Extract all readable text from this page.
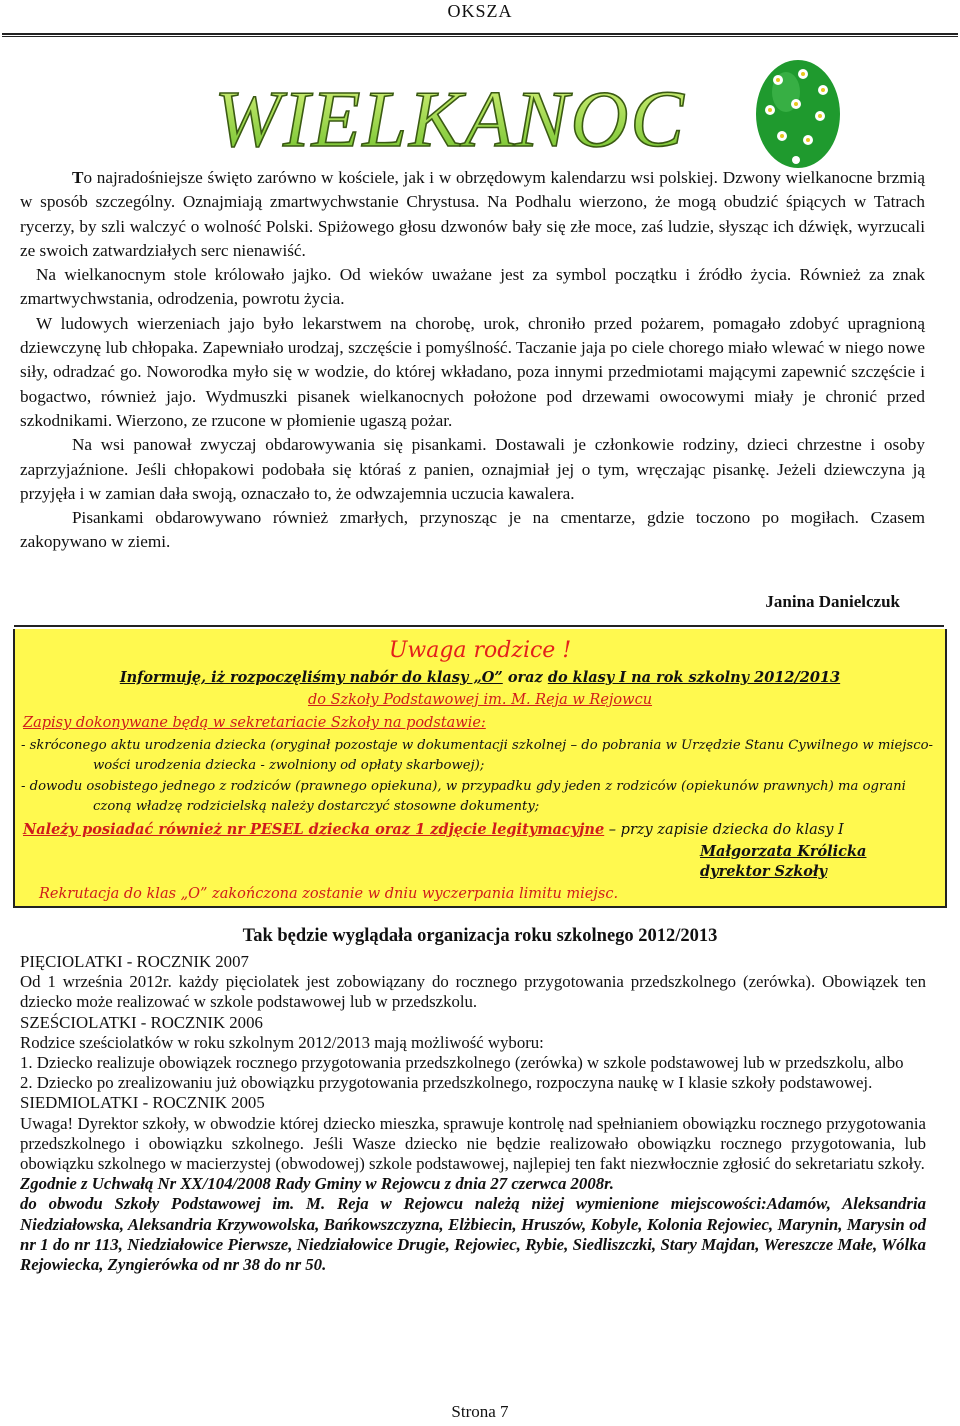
OKSZA
WIELKANOC

To najradośniejsze święto zarówno w kościele, jak i w obrzędowym kalendarzu wsi polskiej. Dzwony wielkanocne brzmią w sposób szczególny. Oznajmiają zmartwychwstanie Chrystusa. Na Podhalu wierzono, że mogą obudzić śpiących w Tatrach rycerzy, by szli walczyć o wolność Polski. Spiżowego głosu dzwonów bały się złe moce, zaś ludzie, słysząc ich dźwięk, wyrzucali ze swoich zatwardziałych serc nienawiść.

Na wielkanocnym stole królowało jajko. Od wieków uważane jest za symbol początku i źródło życia. Również za znak zmartwychwstania, odrodzenia, powrotu życia.

W ludowych wierzeniach jajo było lekarstwem na chorobę, urok, chroniło przed pożarem, pomagało zdobyć upragnioną dziewczynę lub chłopaka. Zapewniało urodzaj, szczęście i pomyślność. Taczanie jaja po ciele chorego miało wlewać w niego nowe siły, odradzać go. Noworodka myło się w wodzie, do której wkładano, poza innymi przedmiotami mającymi zapewnić szczęście i bogactwo, również jajo. Wydmuszki pisanek wielkanocnych położone pod drzewami owocowymi miały je chronić przed szkodnikami. Wierzono, ze rzucone w płomienie ugaszą pożar.

Na wsi panował zwyczaj obdarowywania się pisankami. Dostawali je członkowie rodziny, dzieci chrzestne i osoby zaprzyjaźnione. Jeśli chłopakowi podobała się któraś z panien, oznajmiał jej o tym, wręczając pisankę. Jeżeli dziewczyna ją przyjęła i w zamian dała swoją, oznaczało to, że odwzajemnia uczucia kawalera.

Pisankami obdarowywano również zmarłych, przynosząc je na cmentarze, gdzie toczono po mogiłach. Czasem zakopywano w ziemi.

Janina Danielczuk
Uwaga rodzice !
Informuję, iż rozpoczęliśmy nabór do klasy „O” oraz do klasy I na rok szkolny 2012/2013
do Szkoły Podstawowej im. M. Reja w Rejowcu
Zapisy dokonywane będą w sekretariacie Szkoły na podstawie:
- skróconego aktu urodzenia dziecka (oryginał pozostaje w dokumentacji szkolnej – do pobrania w Urzędzie Stanu Cywilnego w miejsco-
wości urodzenia dziecka - zwolniony od opłaty skarbowej);
- dowodu osobistego jednego z rodziców (prawnego opiekuna), w przypadku gdy jeden z rodziców (opiekunów prawnych) ma ograni
czoną władzę rodzicielską należy dostarczyć stosowne dokumenty;
Należy posiadać również nr PESEL dziecka oraz 1 zdjęcie legitymacyjne – przy zapisie dziecka do klasy I
Małgorzata Królicka
dyrektor Szkoły
Rekrutacja do klas „O” zakończona zostanie w dniu wyczerpania limitu miejsc.
Tak będzie wyglądała organizacja roku szkolnego 2012/2013

PIĘCIOLATKI - ROCZNIK 2007

Od 1 września 2012r. każdy pięciolatek jest zobowiązany do rocznego przygotowania przedszkolnego (zerówka). Obowiązek ten dziecko może realizować w szkole podstawowej lub w przedszkolu.

SZEŚCIOLATKI - ROCZNIK 2006

Rodzice sześciolatków w roku szkolnym 2012/2013 mają możliwość wyboru:

1. Dziecko realizuje obowiązek rocznego przygotowania przedszkolnego (zerówka) w szkole podstawowej lub w przedszkolu, albo

2. Dziecko po zrealizowaniu już obowiązku przygotowania przedszkolnego, rozpoczyna naukę w I klasie szkoły podstawowej.

SIEDMIOLATKI - ROCZNIK 2005

Uwaga! Dyrektor szkoły, w obwodzie której dziecko mieszka, sprawuje kontrolę nad spełnianiem obowiązku rocznego przygotowania przedszkolnego i obowiązku szkolnego. Jeśli Wasze dziecko nie będzie realizowało obowiązku rocznego przygotowania, lub obowiązku szkolnego w macierzystej (obwodowej) szkole podstawowej, najlepiej ten fakt niezwłocznie zgłosić do sekretariatu szkoły.

Zgodnie z Uchwałą Nr XX/104/2008 Rady Gminy w Rejowcu z dnia 27 czerwca 2008r.

do obwodu Szkoły Podstawowej im. M. Reja w Rejowcu należą niżej wymienione miejscowości:Adamów, Aleksandria Niedziałowska, Aleksandria Krzywowolska, Bańkowszczyzna, Elżbiecin, Hruszów, Kobyle, Kolonia Rejowiec, Marynin, Marysin od nr 1 do nr 113, Niedziałowice Pierwsze, Niedziałowice Drugie, Rejowiec, Rybie, Siedliszczki, Stary Majdan, Wereszcze Małe, Wólka Rejowiecka, Zyngierówka od nr 38 do nr 50.

Strona 7
